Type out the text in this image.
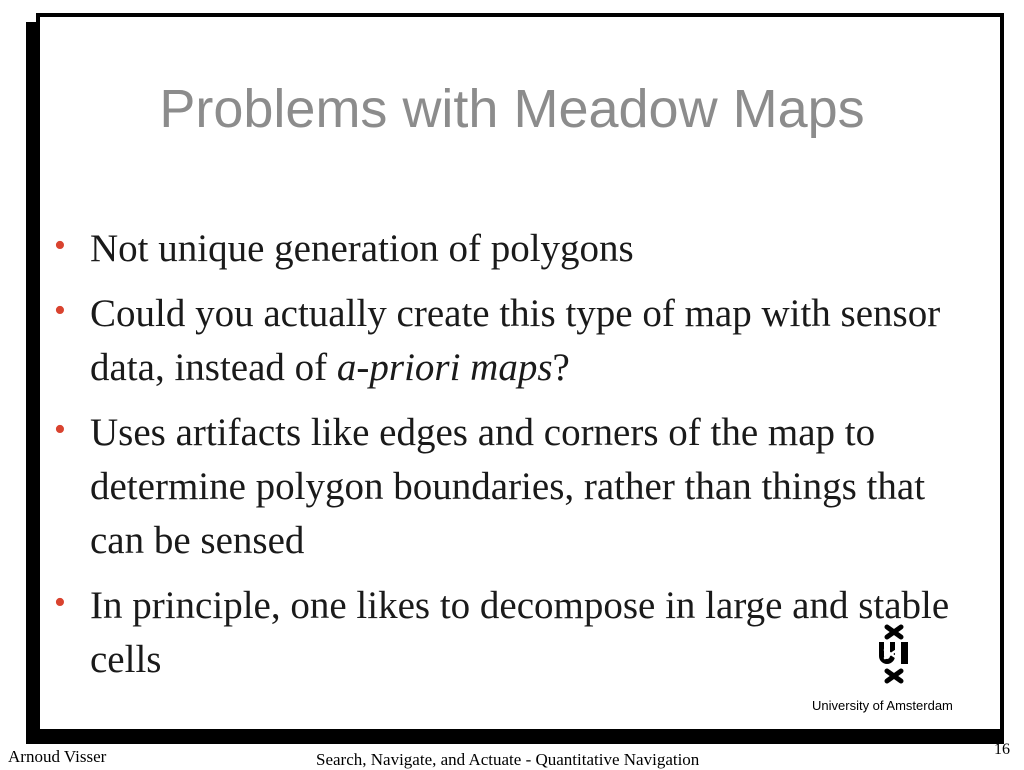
Problems with Meadow Maps
• Not unique generation of polygons
• Could you actually create this type of map with sensor data, instead of a-priori maps?
• Uses artifacts like edges and corners of the map to determine polygon boundaries, rather than things that can be sensed
• In principle, one likes to decompose in large and stable cells
University of Amsterdam
Arnoud Visser	Search, Navigate, and Actuate - Quantitative Navigation
16
